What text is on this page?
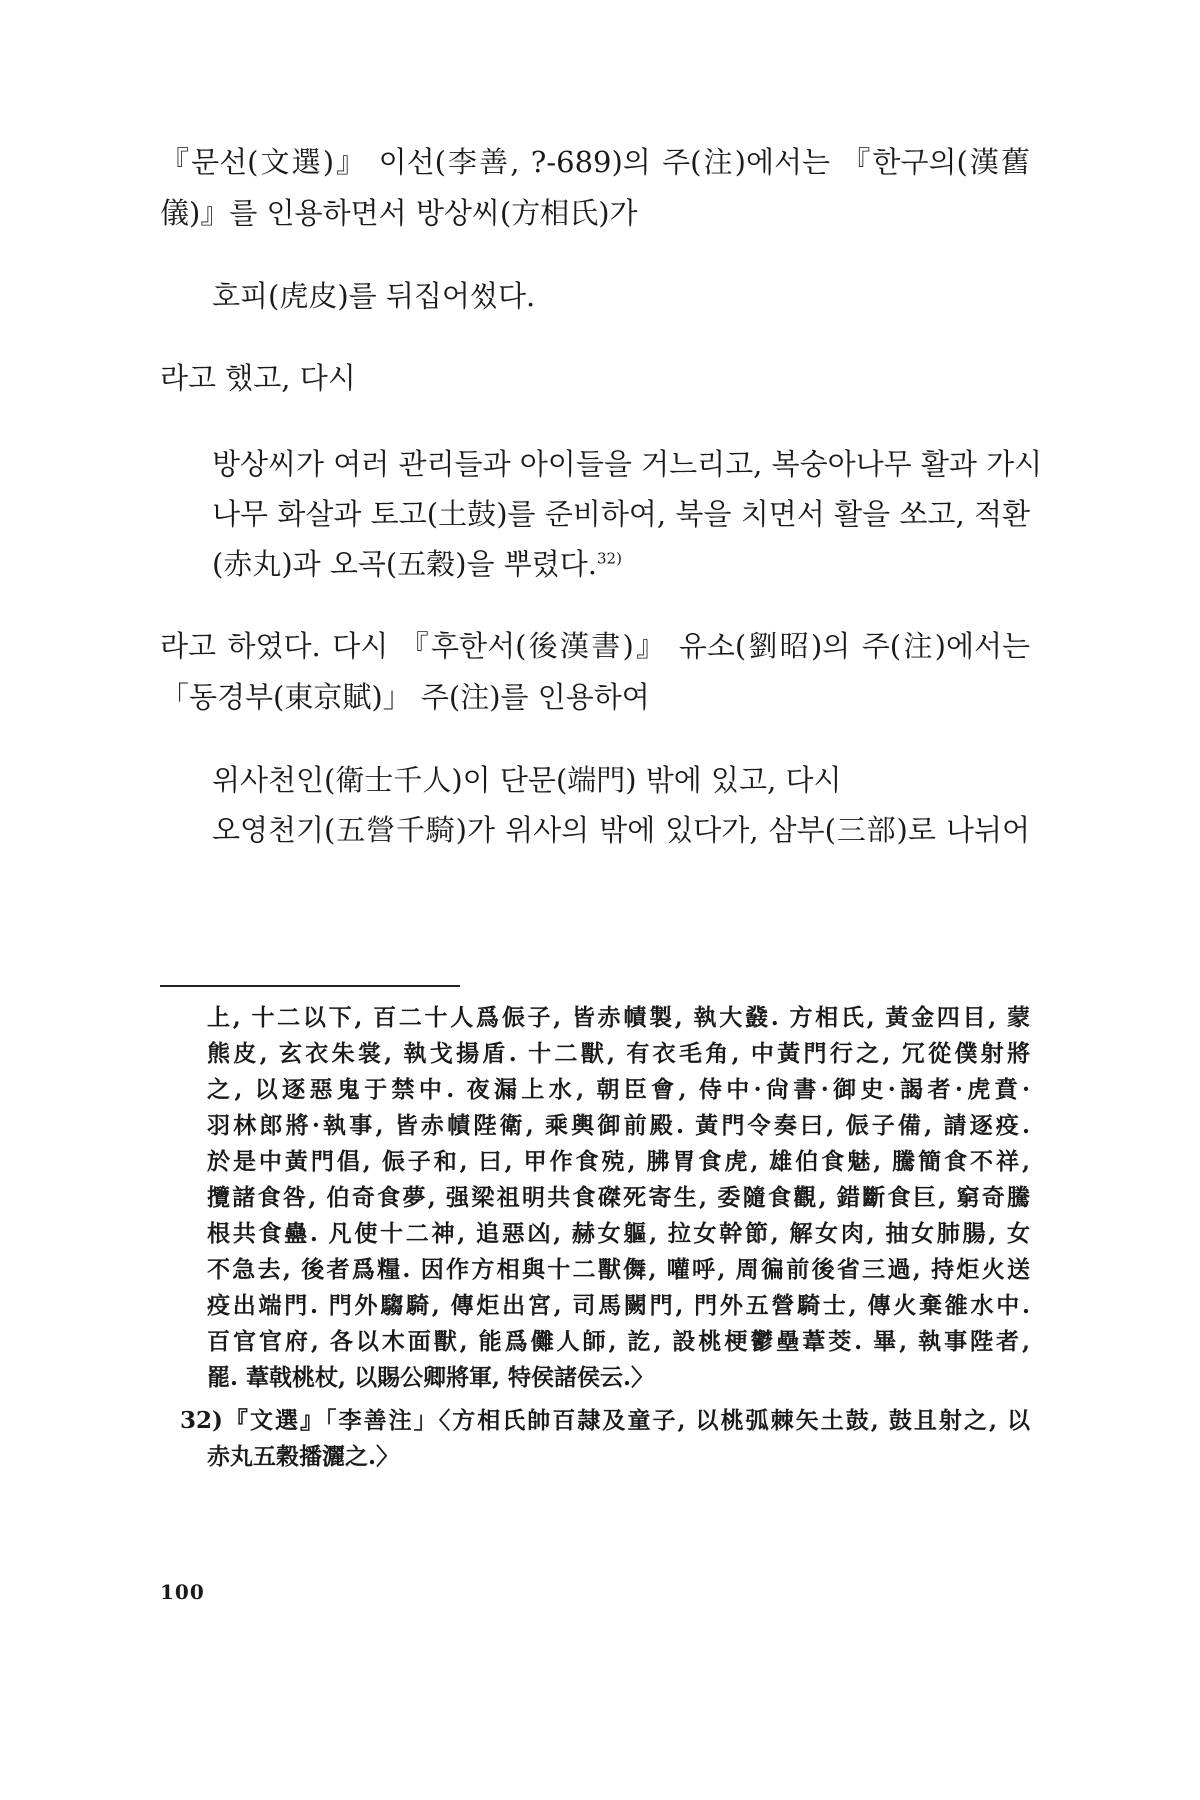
『문선(文選)』 이선(李善, ?-689)의 주(注)에서는 『한구의(漢舊
儀)』를 인용하면서 방상씨(方相氏)가
호피(虎皮)를 뒤집어썼다.
라고 했고, 다시
방상씨가 여러 관리들과 아이들을 거느리고, 복숭아나무 활과 가시
나무 화살과 토고(土鼓)를 준비하여, 북을 치면서 활을 쏘고, 적환
(赤丸)과 오곡(五穀)을 뿌렸다.$^{32)}$
라고 하였다. 다시 『후한서(後漢書)』 유소(劉昭)의 주(注)에서는
「동경부(東京賦)」 주(注)를 인용하여
위사천인(衛士千人)이 단문(端門) 밖에 있고, 다시
오영천기(五營千騎)가 위사의 밖에 있다가, 삼부(三部)로 나뉘어
上, 十二以下, 百二十人爲侲子, 皆赤幘製, 執大鼗. 方相氏, 黃金四目, 蒙
熊皮, 玄衣朱裳, 執戈揚盾. 十二獸, 有衣毛角, 中黃門行之, 冗從僕射將
之, 以逐惡鬼于禁中. 夜漏上水, 朝臣會, 侍中·尙書·御史·謁者·虎賁·
羽林郎將·執事, 皆赤幘陛衛, 乘輿御前殿. 黃門令奏曰, 侲子備, 請逐疫.
於是中黃門倡, 侲子和, 曰, 甲作食殑, 胇胃食虎, 雄伯食魅, 騰簡食不祥,
攬諸食咎, 伯奇食夢, 强梁祖明共食磔死寄生, 委隨食觀, 錯斷食巨, 窮奇騰
根共食蠱. 凡使十二神, 追惡凶, 赫女軀, 拉女幹節, 解女肉, 抽女肺腸, 女
不急去, 後者爲糧. 因作方相與十二獸儛, 嚾呼, 周徧前後省三過, 持炬火送
疫出端門. 門外騶騎, 傳炬出宮, 司馬闕門, 門外五營騎士, 傳火棄雒水中.
百官官府, 各以木面獸, 能爲儺人師, 訖, 設桃梗鬱壘葦茭. 畢, 執事陛者,
罷. 葦戟桃杖, 以賜公卿將軍, 特侯諸侯云.〉
32)『文選』「李善注」〈方相氏帥百隷及童子, 以桃弧棘矢土鼓, 鼓且射之, 以
赤丸五穀播灑之.〉
100
